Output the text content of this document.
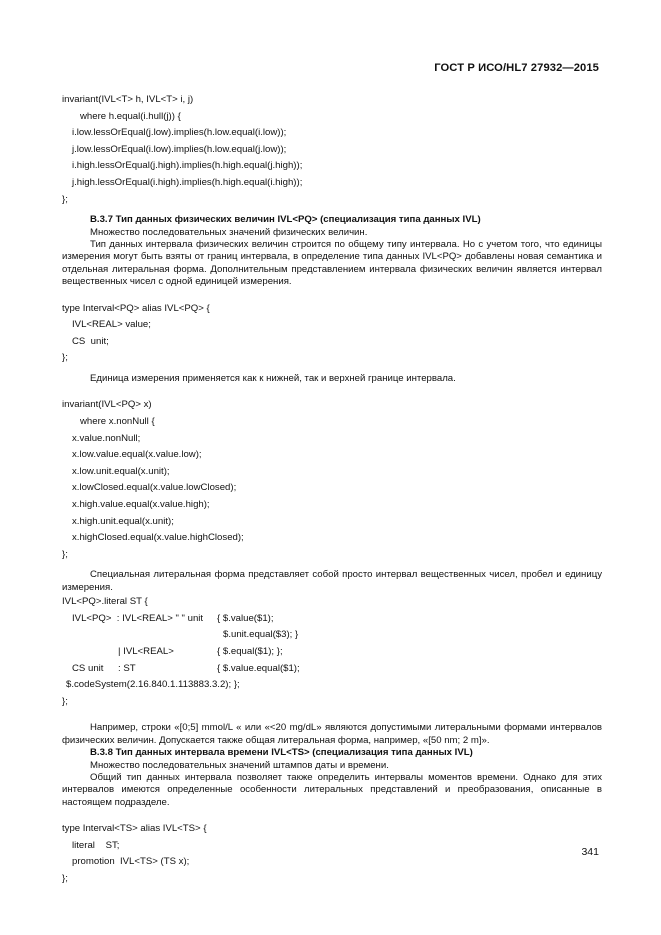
ГОСТ Р ИСО/HL7 27932—2015
invariant(IVL<T> h, IVL<T> i, j)
where h.equal(i.hull(j)) {
i.low.lessOrEqual(j.low).implies(h.low.equal(i.low));
j.low.lessOrEqual(i.low).implies(h.low.equal(j.low));
i.high.lessOrEqual(j.high).implies(h.high.equal(j.high));
j.high.lessOrEqual(i.high).implies(h.high.equal(i.high));
};

В.3.7 Тип данных физических величин IVL<PQ> (специализация типа данных IVL)

Множество последовательных значений физических величин.

Тип данных интервала физических величин строится по общему типу интервала. Но с учетом того, что единицы измерения могут быть взяты от границ интервала, в определение типа данных IVL<PQ> добавлены новая семантика и отдельная литеральная форма. Дополнительным представлением интервала физических величин является интервал вещественных чисел с одной единицей измерения.

type Interval<PQ> alias IVL<PQ> {
IVL<REAL> value;
CS  unit;
};

Единица измерения применяется как к нижней, так и верхней границе интервала.

invariant(IVL<PQ> x)
where x.nonNull {
x.value.nonNull;
x.low.value.equal(x.value.low);
x.low.unit.equal(x.unit);
x.lowClosed.equal(x.value.lowClosed);
x.high.value.equal(x.value.high);
x.high.unit.equal(x.unit);
x.highClosed.equal(x.value.highClosed);
};

Специальная литеральная форма представляет собой просто интервал вещественных чисел, пробел и единицу измерения.

IVL<PQ>.literal ST {

IVL<PQ>  : IVL<REAL> " " unit

{ $.value($1);

$.unit.equal($3); }

| IVL<REAL>

	{ $.equal($1); };

CS unit

: ST

	{ $.value.equal($1);

$.codeSystem(2.16.840.1.113883.3.2); };

};

Например, строки «[0;5] mmol/L « или «<20 mg/dL» являются допустимыми литеральными формами интервалов физических величин. Допускается также общая литеральная форма, например, «[50 nm; 2 m]».

В.3.8 Тип данных интервала времени IVL<TS> (специализация типа данных IVL)

Множество последовательных значений штампов даты и времени.

Общий тип данных интервала позволяет также определить интервалы моментов времени. Однако для этих интервалов имеются определенные особенности литеральных представлений и преобразования, описанные в настоящем подразделе.

type Interval<TS> alias IVL<TS> {
literal    ST;
promotion  IVL<TS> (TS x);
};
341
